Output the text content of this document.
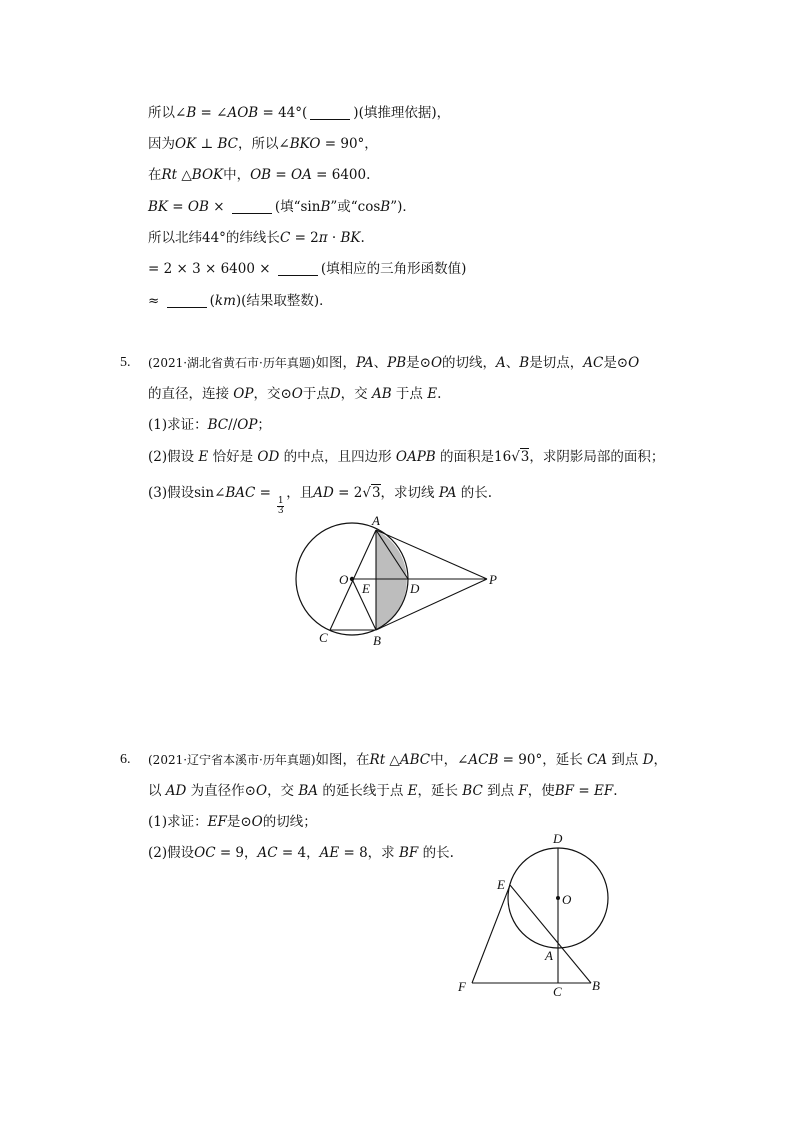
所以∠B = ∠AOB = 44°(	)(填推理依据)，
因为OK ⊥ BC，所以∠BKO = 90°，
在Rt △BOK中，OB = OA = 6400.
BK = OB ×	(填“sinB”或“cosB”)．
所以北纬44°的纬线长C = 2π · BK.
= 2 × 3 × 6400 ×	(填相应的三角形函数值)
≈	(km)(结果取整数)．
5. (2021·湖北省黄石市·历年真题)如图，PA、PB是⊙O的切线，A、B是切点，AC是⊙O
的直径，连接 OP，交⊙O于点D，交 AB 于点 E.
(1)求证：BC//OP；
(2)假设 E 恰好是 OD 的中点，且四边形 OAPB 的面积是16√3，求阴影局部的面积；
(3)假设sin∠BAC =
$\frac{1}{3}$
，且AD = 2√3，求切线 PA 的长.
A
O
E	D
P
C	B
6. (2021·辽宁省本溪市·历年真题)如图，在Rt △ABC中，∠ACB = 90°，延长 CA 到点 D，
以 AD 为直径作⊙O，交 BA 的延长线于点 E，延长 BC 到点 F，使BF = EF.
(1)求证：EF是⊙O的切线；
(2)假设OC = 9，AC = 4，AE = 8，求 BF 的长.
D
O
E
A
F	C B
